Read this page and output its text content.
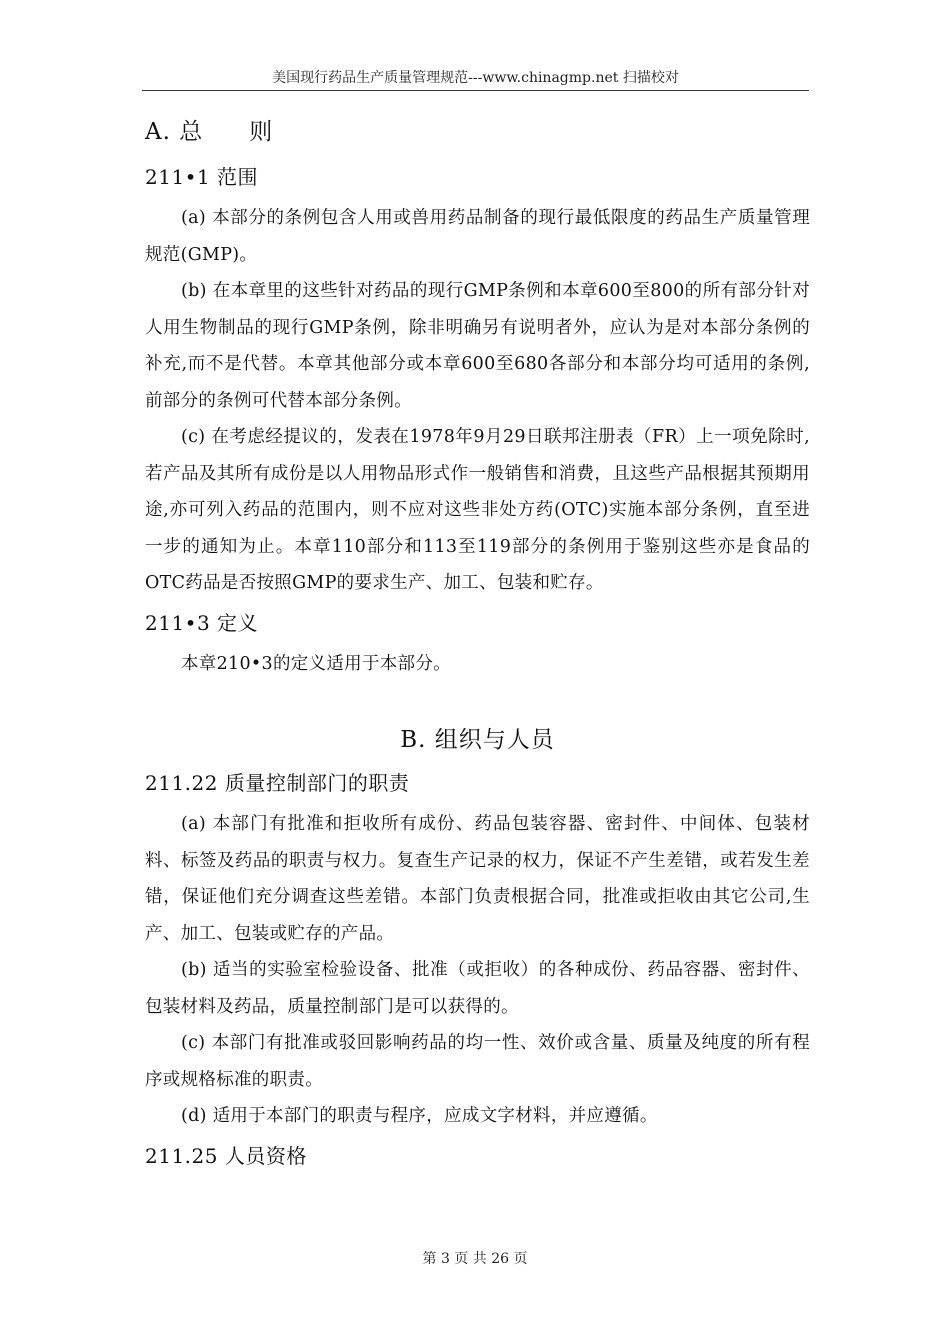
美国现行药品生产质量管理规范---www.chinagmp.net 扫描校对
A. 总 则
211•1 范围

(a) 本部分的条例包含人用或兽用药品制备的现行最低限度的药品生产质量管理规范(GMP)。

(b) 在本章里的这些针对药品的现行GMP条例和本章600至800的所有部分针对人用生物制品的现行GMP条例，除非明确另有说明者外，应认为是对本部分条例的补充,而不是代替。本章其他部分或本章600至680各部分和本部分均可适用的条例,前部分的条例可代替本部分条例。

(c) 在考虑经提议的，发表在1978年9月29日联邦注册表（FR）上一项免除时,若产品及其所有成份是以人用物品形式作一般销售和消费，且这些产品根据其预期用途,亦可列入药品的范围内，则不应对这些非处方药(OTC)实施本部分条例，直至进一步的通知为止。本章110部分和113至119部分的条例用于鉴别这些亦是食品的OTC药品是否按照GMP的要求生产、加工、包装和贮存。

211•3 定义

本章210•3的定义适用于本部分。

B. 组织与人员
211.22 质量控制部门的职责

(a) 本部门有批准和拒收所有成份、药品包装容器、密封件、中间体、包装材料、标签及药品的职责与权力。复查生产记录的权力，保证不产生差错，或若发生差错，保证他们充分调查这些差错。本部门负责根据合同，批准或拒收由其它公司,生产、加工、包装或贮存的产品。

(b) 适当的实验室检验设备、批准（或拒收）的各种成份、药品容器、密封件、包装材料及药品，质量控制部门是可以获得的。

(c) 本部门有批准或驳回影响药品的均一性、效价或含量、质量及纯度的所有程序或规格标准的职责。

(d) 适用于本部门的职责与程序，应成文字材料，并应遵循。

211.25 人员资格
第 3 页 共 26 页
